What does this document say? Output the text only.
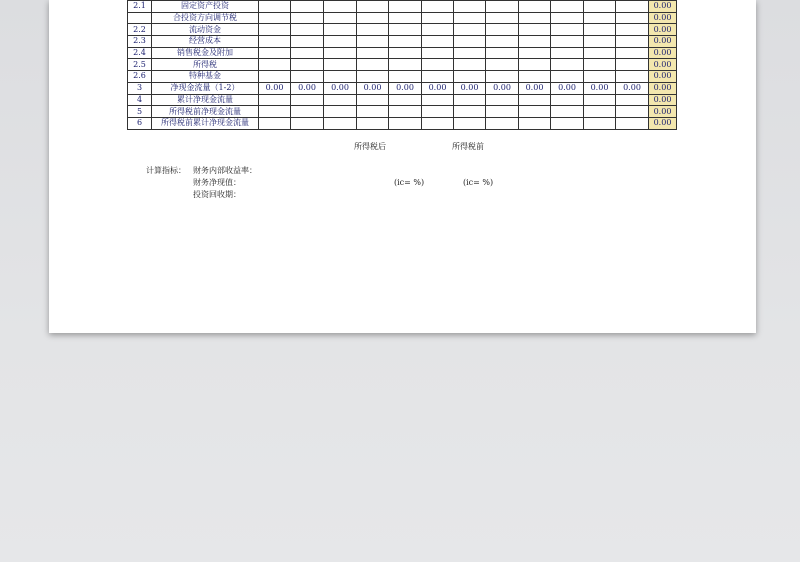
2.1	固定资产投资													0.00
	合投资方向调节税													0.00
2.2	流动资金													0.00
2.3	经营成本													0.00
2.4	销售税金及附加													0.00
2.5	所得税													0.00
2.6	特种基金													0.00
3	净现金流量（1-2）	0.00	0.00	0.00	0.00	0.00	0.00	0.00	0.00	0.00	0.00	0.00	0.00	0.00
4	累计净现金流量													0.00
5	所得税前净现金流量													0.00
6	所得税前累计净现金流量													0.00
所得税后	所得税前
计算指标： 财务内部收益率：
财务净现值：
投资回收期：
(ic= %)	(ic= %)
